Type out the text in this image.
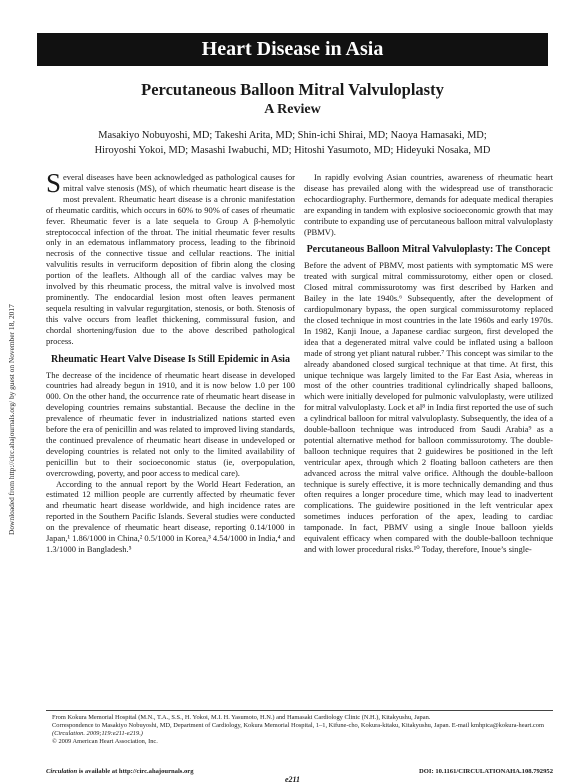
Heart Disease in Asia
Downloaded from http://circ.ahajournals.org/ by guest on November 18, 2017
Percutaneous Balloon Mitral Valvuloplasty
A Review
Masakiyo Nobuyoshi, MD; Takeshi Arita, MD; Shin-ichi Shirai, MD; Naoya Hamasaki, MD;
Hiroyoshi Yokoi, MD; Masashi Iwabuchi, MD; Hitoshi Yasumoto, MD; Hideyuki Nosaka, MD

Several diseases have been acknowledged as pathological causes for mitral valve stenosis (MS), of which rheumatic heart disease is the most prevalent. Rheumatic heart disease is a chronic manifestation of rheumatic carditis, which occurs in 60% to 90% of cases of rheumatic fever. Rheumatic fever is a late sequela to Group A β-hemolytic streptococcal infection of the throat. The initial rheumatic fever results only in an edematous inflammatory process, leading to the fibrinoid necrosis of the connective tissue and cellular reactions. The initial valvulitis results in verruciform deposition of fibrin along the closing portion of the leaflets. Although all of the cardiac valves may be involved by this rheumatic process, the mitral valve is involved most prominently. The endocardial lesion most often leaves permanent sequela resulting in valvular regurgitation, stenosis, or both. Stenosis of this valve occurs from leaflet thickening, commissural fusion, and chordal shortening/fusion due to the above described pathological process.

Rheumatic Heart Valve Disease Is Still Epidemic in Asia

The decrease of the incidence of rheumatic heart disease in developed countries had already begun in 1910, and it is now below 1.0 per 100 000. On the other hand, the occurrence rate of rheumatic heart disease in developing countries remains substantial. Because the decline in the prevalence of rheumatic fever in industrialized nations started even before the era of penicillin and was related to improved living standards, the continued prevalence of rheumatic heart disease in undeveloped or developing countries is related not only to the limited availability of penicillin but to their socioeconomic status (ie, overpopulation, overcrowding, poverty, and poor access to medical care).

According to the annual report by the World Heart Federation, an estimated 12 million people are currently affected by rheumatic fever and rheumatic heart disease worldwide, and high incidence rates are reported in the Southern Pacific Islands. Several studies were conducted on the prevalence of rheumatic heart disease, reporting 0.14/1000 in Japan,¹ 1.86/1000 in China,² 0.5/1000 in Korea,³ 4.54/1000 in India,⁴ and 1.3/1000 in Bangladesh.⁵

In rapidly evolving Asian countries, awareness of rheumatic heart disease has prevailed along with the widespread use of transthoracic echocardiography. Furthermore, demands for adequate medical therapies are expanding in tandem with explosive socioeconomic growth that may contribute to expanding use of percutaneous balloon mitral valvuloplasty (PBMV).

Percutaneous Balloon Mitral Valvuloplasty: The Concept

Before the advent of PBMV, most patients with symptomatic MS were treated with surgical mitral commissurotomy, either open or closed. Closed mitral commissurotomy was first described by Harken and Bailey in the late 1940s.⁶ Subsequently, after the development of cardiopulmonary bypass, the open surgical commissurotomy replaced the closed technique in most countries in the late 1960s and early 1970s. In 1982, Kanji Inoue, a Japanese cardiac surgeon, first developed the idea that a degenerated mitral valve could be inflated using a balloon made of strong yet pliant natural rubber.⁷ This concept was similar to the already abandoned closed surgical technique at that time. At first, this unique technique was largely limited to the Far East Asia, whereas in most of the other countries traditional cylindrically shaped balloons, which were initially developed for pulmonic valvuloplasty, were utilized for mitral valvuloplasty. Lock et al⁸ in India first reported the use of such a cylindrical balloon for mitral valvuloplasty. Subsequently, the idea of a double-balloon technique was introduced from Saudi Arabia⁹ as a potential alternative method for balloon commissurotomy. The double-balloon technique requires that 2 guidewires be positioned in the left ventricular apex, through which 2 floating balloon catheters are then advanced across the mitral valve orifice. Although the double-balloon technique is surely effective, it is more technically demanding and thus often requires a longer procedure time, which may lead to inadvertent complications. The guidewire positioned in the left ventricular apex sometimes induces perforation of the apex, leading to cardiac tamponade. In fact, PBMV using a single Inoue balloon yields equivalent efficacy when compared with the double-balloon technique and with lower procedural risks.¹⁰ Today, therefore, Inoue’s single-

From Kokura Memorial Hospital (M.N., T.A., S.S., H. Yokoi, M.I. H. Yasumoto, H.N.) and Hamasaki Cardiology Clinic (N.H.), Kitakyushu, Japan.

Correspondence to Masakiyo Nobuyoshi, MD, Department of Cardiology, Kokura Memorial Hospital, 1–1, Kifune-cho, Kokura-kitaku, Kitakyushu, Japan. E-mail kmhpica@kokura-heart.com

(Circulation. 2009;119:e211-e219.)

© 2009 American Heart Association, Inc.

Circulation is available at http://circ.ahajournals.org	DOI: 10.1161/CIRCULATIONAHA.108.792952
e211
